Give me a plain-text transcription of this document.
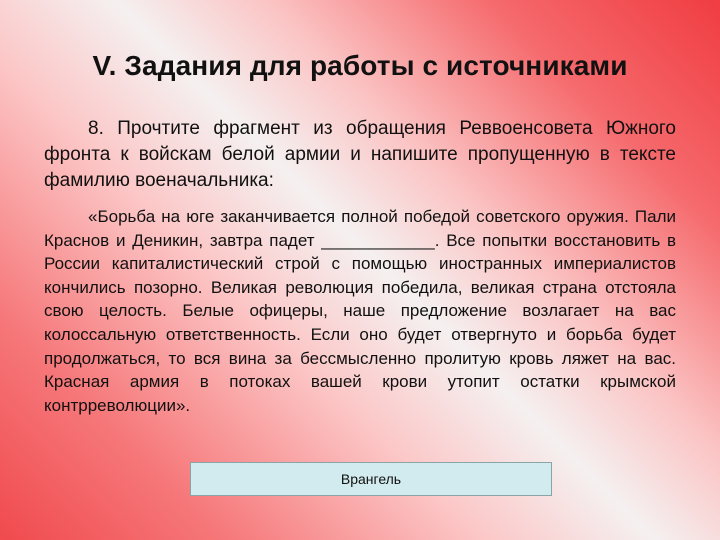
V. Задания для работы с источниками

8. Прочтите фрагмент из обращения Реввоенсовета Южного фронта к войскам белой армии и напишите пропущенную в тексте фамилию военачальника:

«Борьба на юге заканчивается полной победой советского оружия. Пали Краснов и Деникин, завтра падет ____________. Все попытки восстановить в России капиталистический строй с помощью иностранных империалистов кончились позорно. Великая революция победила, великая страна отстояла свою целость. Белые офицеры, наше предложение возлагает на вас колоссальную ответственность. Если оно будет отвергнуто и борьба будет продолжаться, то вся вина за бессмысленно пролитую кровь ляжет на вас. Красная армия в потоках вашей крови утопит остатки крымской контрреволюции».

Врангель
